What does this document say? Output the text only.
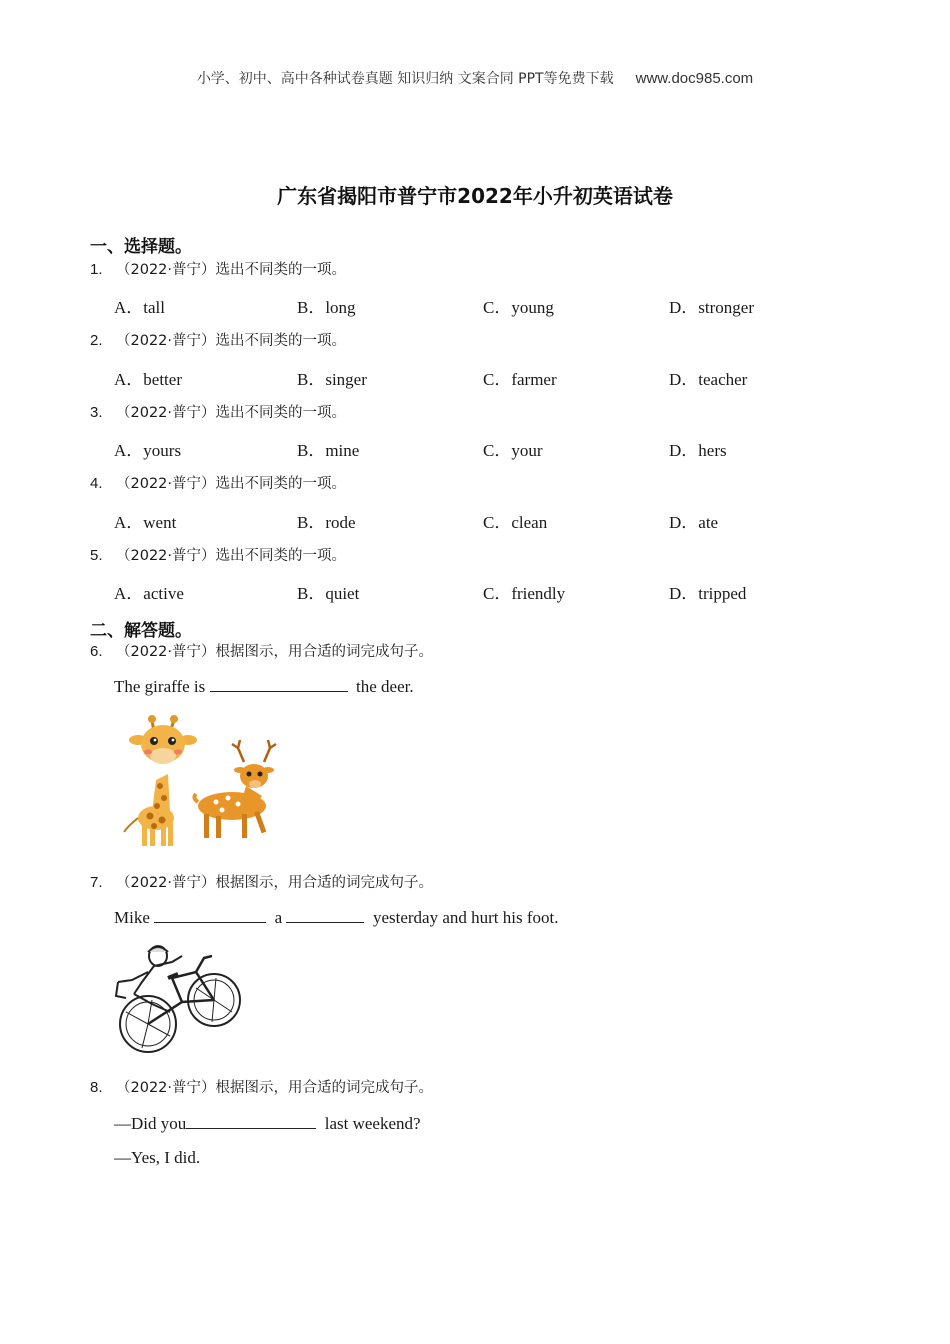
小学、初中、高中各种试卷真题 知识归纳 文案合同 PPT等免费下载 www.doc985.com
广东省揭阳市普宁市2022年小升初英语试卷
一、选择题。
1. （2022·普宁）选出不同类的一项。
A．tall	B．long	C．young	D．stronger
2. （2022·普宁）选出不同类的一项。
A．better	B．singer	C．farmer	D．teacher
3. （2022·普宁）选出不同类的一项。
A．yours	B．mine	C．your	D．hers
4. （2022·普宁）选出不同类的一项。
A．went	B．rode	C．clean	D．ate
5. （2022·普宁）选出不同类的一项。
A．active	B．quiet	C．friendly	D．tripped
二、解答题。
6. （2022·普宁）根据图示，用合适的词完成句子。
The giraffe is	the deer.
7. （2022·普宁）根据图示，用合适的词完成句子。
Mike	a	yesterday and hurt his foot.
8. （2022·普宁）根据图示，用合适的词完成句子。
—Did you	last weekend?
—Yes, I did.
